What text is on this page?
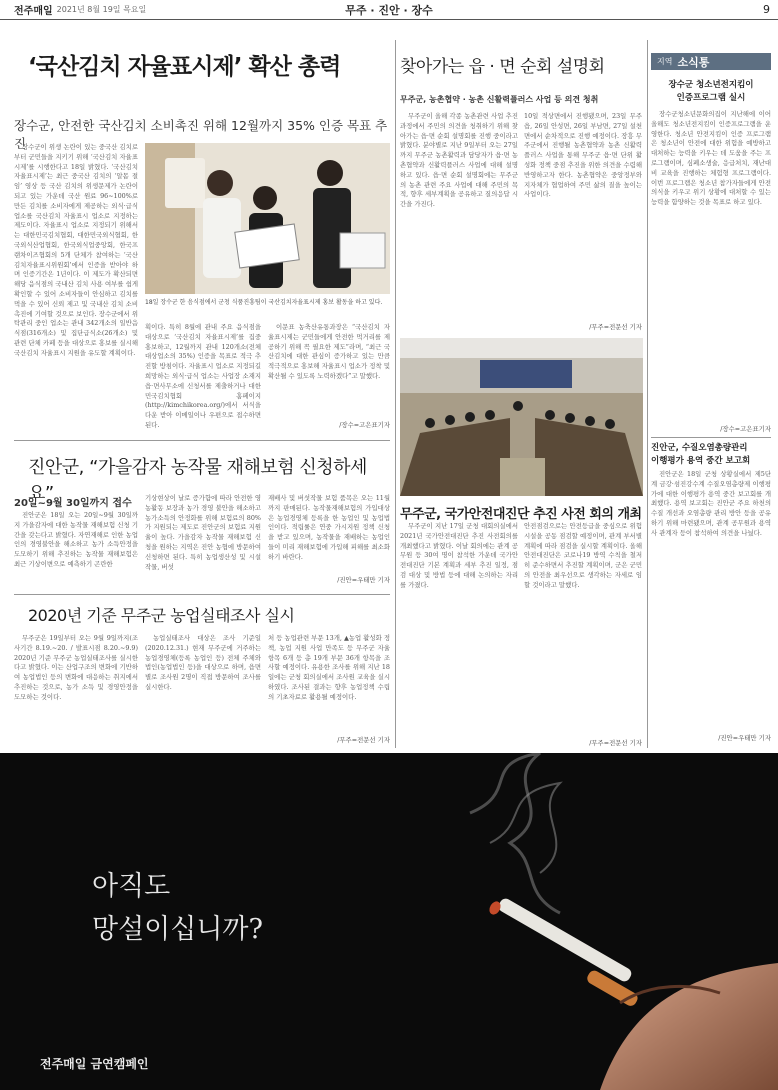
전주매일 2021년 8월 19일 목요일	무주 · 진안 · 장수	9
‘국산김치 자율표시제’ 확산 총력
장수군, 안전한 국산김치 소비촉진 위해 12월까지 35% 인증 목표 추진
장수군이 위생 논란이 있는 중국산 김치로부터 군민들을 지키기 위해 ‘국산김치 자율표시제’를 시행한다고 18일 밝혔다. ‘국산김치 자율표시제’는 최근 중국산 김치의 ‘알몸 절임’ 영상 등 국산 김치의 위생문제가 논란이 되고 있는 가운데 국산 원료 96~100%로 만든 김치를 소비자에게 제공하는 외식·급식업소를 국산김치 자율표시 업소로 지정하는 제도이다. 자율표시 업소로 지정되기 위해서는 대한민국김치협회, 대한민국외식협회, 한국외식산업협회, 한국외식업중앙회, 한국프랜차이즈협회의 5개 단체가 참여하는 ‘국산김치자율표시위원회’에서 인증을 받아야 하며 인증기간은 1년이다. 이 제도가 확산되면 해당 음식점의 국내산 김치 사용 여부를 쉽게 확인할 수 있어 소비자들이 안심하고 김치를 먹을 수 있어 신뢰 제고 및 국내산 김치 소비 촉진에 기여할 것으로 보인다. 장수군에서 위탁관리 중인 업소는 관내 342개소의 일반음식점(316개소) 및 집단급식소(26개소) 및 관련 단체 카페 등을 대상으로 홍보를 실시해 국산김치 자율표시 지원을 유도할 계획이다.
18일 장수군 한 음식점에서 군청 식품진흥팀이 국산김치자율표시제 홍보 활동을 하고 있다.
획이다. 특히 8월에 관내 주요 음식점을 대상으로 ‘국산김치 자율표시제’를 집중 홍보하고, 12월까지 관내 120개소(전체 대상업소의 35%) 인증을 목표로 적극 추진할 방침이다. 자율표시 업소로 지정되길 희망하는 외식·급식 업소는 사업장 소재지 읍·면사무소에 신청서를 제출하거나 대한민국김치협회 홈페이지(http://kimchikorea.org/)에서 서식을 다운 받아 이메일이나 우편으로 접수하면 된다.
이문표 농축산유통과장은 “국산김치 자율표시제는 군민들에게 안전한 먹거리를 제공하기 위해 꼭 필요한 제도”라며, “최근 국산김치에 대한 관심이 증가하고 있는 만큼 적극적으로 홍보해 자율표시 업소가 정착 및 확산될 수 있도록 노력하겠다”고 말했다.
/장수=고은표기자
진안군, “가을감자 농작물 재해보험 신청하세요”
20일~9월 30일까지 접수
진안군은 18일 오는 20일~9월 30일까지 가을감자에 대한 농작물 재해보험 신청 기간을 갖는다고 밝혔다. 자연재해로 인한 농업인의 경영불안을 해소하고 농가 소득안정을 도모하기 위해 추진하는 농작물 재해보험은 최근 기상이변으로 예측하기 곤란한
기상현상이 날로 증가함에 따라 안전한 영농활동 보장과 농가 경영 불안을 해소하고 농가소득의 안정화를 위해 보험료의 80%가 지원되는 제도로 진안군의 보험료 지원율이 높다. 가을감자 농작물 재해보험 신청을 원하는 지역은 진안 농협에 방문하여 신청하면 된다. 특히 농업생산성 및 시설작물, 버섯
재배사 및 버섯작물 보험 품목은 오는 11월까지 판매된다. 농작물재해보험의 가입대상은 농업경영체 등록을 한 농업인 및 농업법인이다. 적립률은 연중 가시지원 정책 신청을 받고 있으며, 농작물을 재배하는 농업인들이 미리 재해보험에 가입해 피해를 최소화하기 바란다.
/진안=우태만 기자
2020년 기준 무주군 농업실태조사 실시
무주군은 19일부터 오는 9월 9일까지(조사기간 8.19.~20. / 발표시점 8.20.~9.9) 2020년 기준 무주군 농업실태조사를 실시한다고 밝혔다. 이는 산업구조의 변화에 기반하여 농업법인 등의 변화에 대응하는 취지에서 추진하는 것으로, 농가 소득 및 경영안정을 도모하는 것이다.
농업실태조사 대상은 조사 기준일(2020.12.31.) 현재 무주군에 거주하는 농업경영체(등록 농업인 등) 전체 주체와 법인(농업법인 등)을 대상으로 하며, 읍면별로 조사원 2명이 직접 방문하여 조사를 실시한다.
처 등 농업관련 부문 13개, ▲농업 활성화 정책, 농업 지원 사업 만족도 등 무주군 자율 항목 6개 등 총 19개 부문 36개 항목을 조사할 예정이다. 유용한 조사를 위해 지난 18일에는 군청 회의실에서 조사원 교육을 실시하였다. 조사된 결과는 향후 농업정책 수립의 기초자료로 활용될 예정이다.
/무주=전문선 기자
찾아가는 읍 · 면 순회 설명회
무주군, 농촌협약 · 농촌 신활력플러스 사업 등 의견 청취
무주군이 올해 각종 농촌관련 사업 추진과정에서 주민의 의견을 청취하기 위해 찾아가는 읍·면 순회 설명회를 진행 중이라고 밝혔다. 분야별로 지난 9일부터 오는 27일까지 무주군 농촌활력과 담당자가 읍·면 농촌협약과 신활력플러스 사업에 대해 설명하고 있다. 읍·면 순회 설명회에는 무주군의 농촌 관련 주요 사업에 대해 주민의 목적, 향후 세부계획을 공유하고 질의응답 시간을 가진다.
10일 적상면에서 진행됐으며, 23일 무주읍, 26일 안성면, 26일 부남면, 27일 설천면에서 순차적으로 진행 예정이다. 장흥 무주군에서 진행될 농촌협약과 농촌 신활력 플러스 사업을 통해 무주군 읍·면 단위 활성화 정책 중점 추진을 위한 의견을 수렴해 반영하고자 한다. 농촌협약은 중앙정부와 지자체가 협업하여 주민 삶의 질을 높이는 사업이다.
/무주=전문선 기자
무주군, 국가안전대진단 추진 사전 회의 개최
무주군이 지난 17일 군청 대회의실에서 2021년 국가안전대진단 추진 사전회의를 개최했다고 밝혔다. 이날 회의에는 관계 공무원 등 30여 명이 참석한 가운데 국가안전대진단 기본 계획과 세부 추진 일정, 점검 대상 및 방법 등에 대해 논의하는 자리를 가졌다.
안전점검으로는 안전등급을 중심으로 위험시설을 공동 점검할 예정이며, 관계 부서별 계획에 따라 점검을 실시할 계획이다. 올해 안전대진단은 코로나19 방역 수칙을 철저히 준수하면서 추진할 계획이며, 군은 군민의 안전을 최우선으로 생각하는 자세로 임할 것이라고 말했다.
/무주=전문선 기자
지역 소식통
장수군 청소년전지킴이
인증프로그램 실시
장수군청소년문화의집이 지난해에 이어 올해도 청소년전지킴이 인증프로그램을 운영한다. 청소년 안전지킴이 인증 프로그램은 청소년이 안전에 대한 위험을 예방하고 대처하는 능력을 키우는 데 도움을 주는 프로그램이며, 심폐소생술, 응급처치, 재난대비 교육을 진행하는 체험형 프로그램이다. 이번 프로그램은 청소년 참가자들에게 안전의식을 키우고 위기 상황에 대처할 수 있는 능력을 함양하는 것을 목표로 하고 있다.
/장수=고은표기자
진안군, 수질오염총량관리
이행평가 용역 중간 보고회
진안군은 18일 군청 상황실에서 제5단계 금강·섬진강수계 수질오염총량제 이행평가에 대한 이행평가 용역 중간 보고회를 개최했다. 용역 보고회는 진안군 주요 하천의 수질 개선과 오염총량 관리 방안 등을 공유하기 위해 마련됐으며, 관계 공무원과 용역사 관계자 등이 참석하여 의견을 나눴다.
/진안=우태만 기자
아직도
망설이십니까?
전주매일 금연캠페인
